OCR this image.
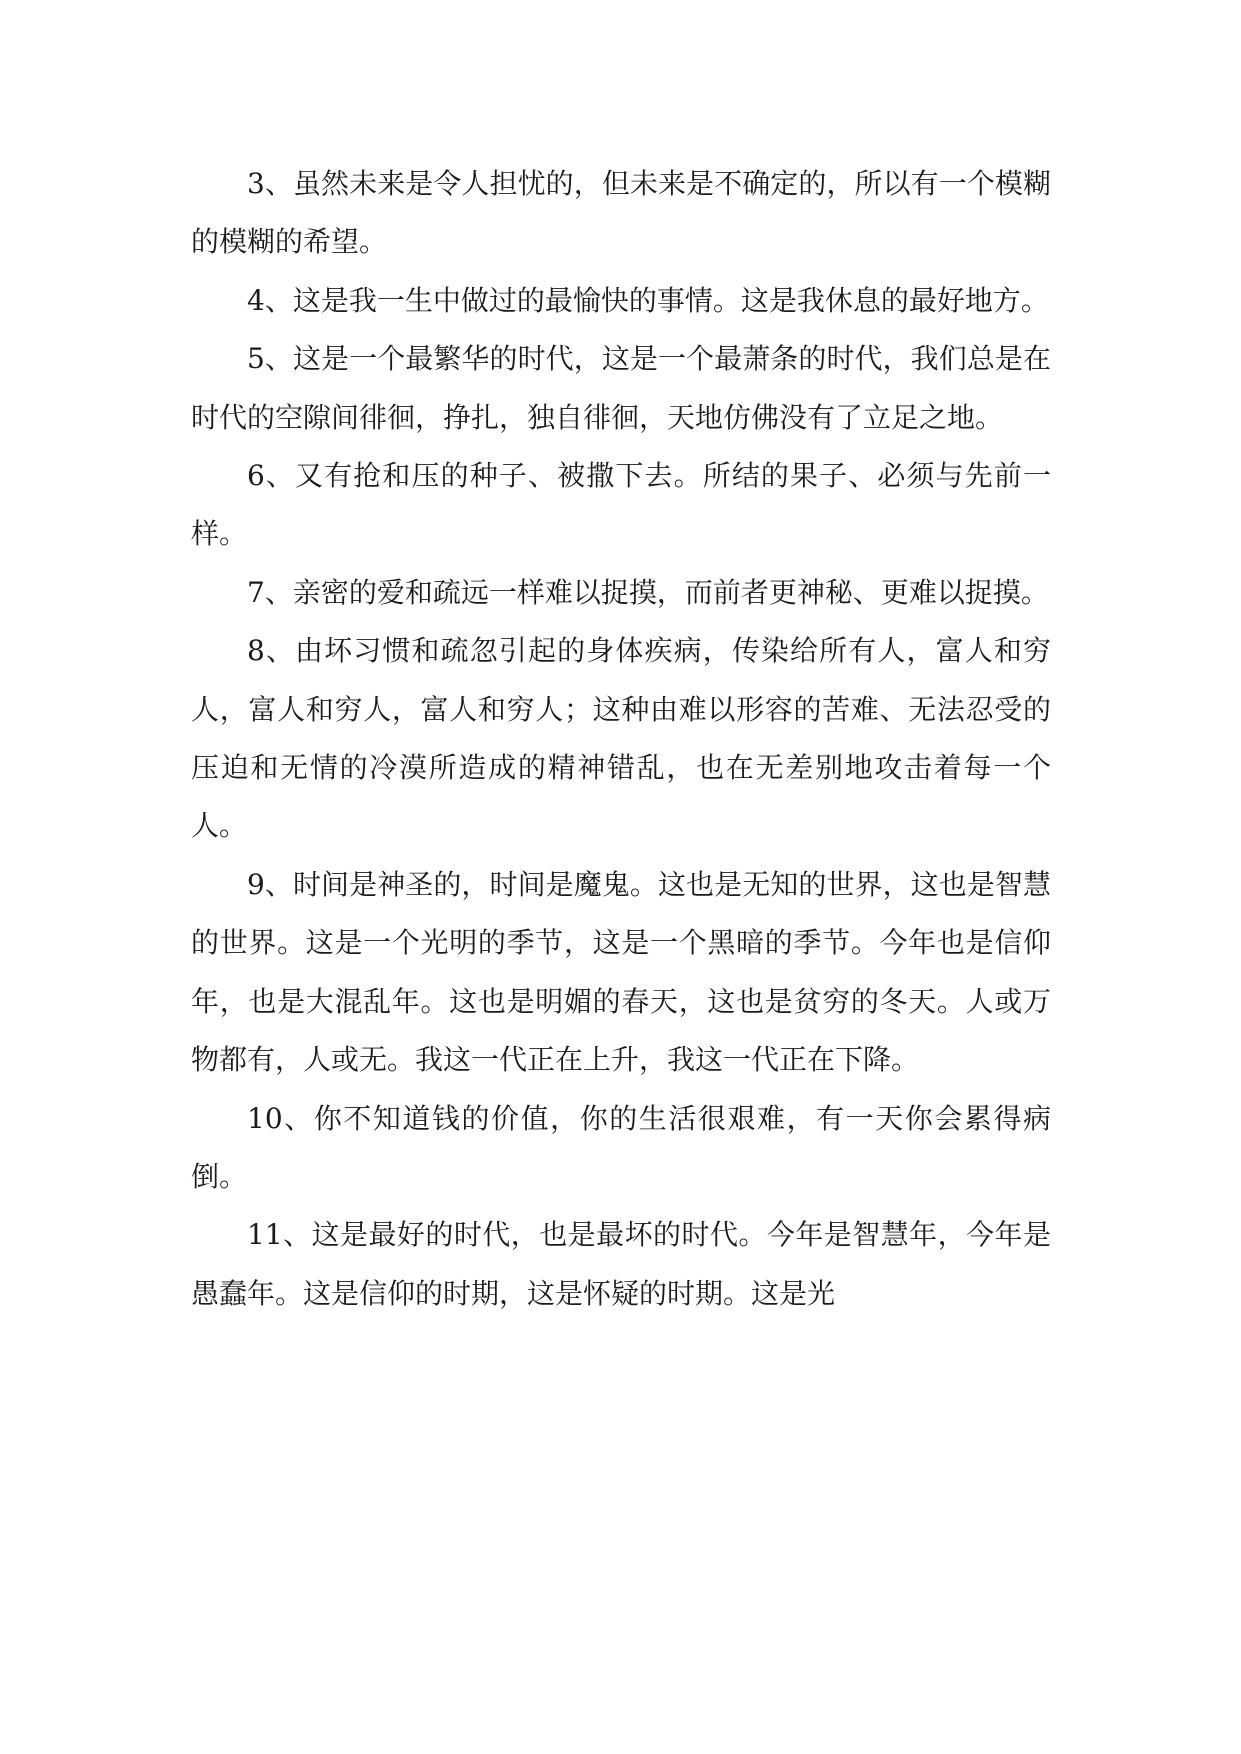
3、虽然未来是令人担忧的，但未来是不确定的，所以有一个模糊的模糊的希望。

4、这是我一生中做过的最愉快的事情。这是我休息的最好地方。

5、这是一个最繁华的时代，这是一个最萧条的时代，我们总是在时代的空隙间徘徊，挣扎，独自徘徊，天地仿佛没有了立足之地。

6、又有抢和压的种子、被撒下去。所结的果子、必须与先前一样。

7、亲密的爱和疏远一样难以捉摸，而前者更神秘、更难以捉摸。

8、由坏习惯和疏忽引起的身体疾病，传染给所有人，富人和穷人，富人和穷人，富人和穷人；这种由难以形容的苦难、无法忍受的压迫和无情的冷漠所造成的精神错乱，也在无差别地攻击着每一个人。

9、时间是神圣的，时间是魔鬼。这也是无知的世界，这也是智慧的世界。这是一个光明的季节，这是一个黑暗的季节。今年也是信仰年，也是大混乱年。这也是明媚的春天，这也是贫穷的冬天。人或万物都有，人或无。我这一代正在上升，我这一代正在下降。

10、你不知道钱的价值，你的生活很艰难，有一天你会累得病倒。

11、这是最好的时代，也是最坏的时代。今年是智慧年，今年是愚蠢年。这是信仰的时期，这是怀疑的时期。这是光
